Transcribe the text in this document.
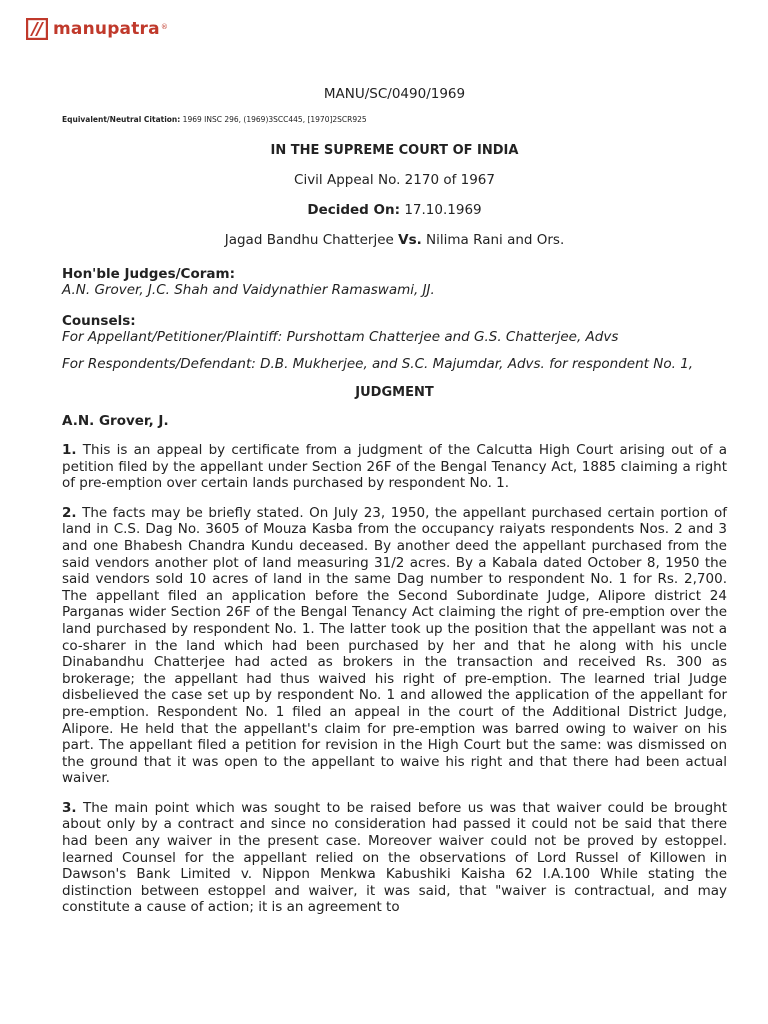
manupatra ®
MANU/SC/0490/1969
Equivalent/Neutral Citation: 1969 INSC 296, (1969)3SCC445, [1970]2SCR925
IN THE SUPREME COURT OF INDIA
Civil Appeal No. 2170 of 1967
Decided On: 17.10.1969
Jagad Bandhu Chatterjee Vs. Nilima Rani and Ors.
Hon'ble Judges/Coram:
A.N. Grover, J.C. Shah and Vaidynathier Ramaswami, JJ.
Counsels:
For Appellant/Petitioner/Plaintiff: Purshottam Chatterjee and G.S. Chatterjee, Advs
For Respondents/Defendant: D.B. Mukherjee, and S.C. Majumdar, Advs. for respondent No. 1,
JUDGMENT
A.N. Grover, J.

1. This is an appeal by certificate from a judgment of the Calcutta High Court arising out of a petition filed by the appellant under Section 26F of the Bengal Tenancy Act, 1885 claiming a right of pre-emption over certain lands purchased by respondent No. 1.

2. The facts may be briefly stated. On July 23, 1950, the appellant purchased certain portion of land in C.S. Dag No. 3605 of Mouza Kasba from the occupancy raiyats respondents Nos. 2 and 3 and one Bhabesh Chandra Kundu deceased. By another deed the appellant purchased from the said vendors another plot of land measuring 31/2 acres. By a Kabala dated October 8, 1950 the said vendors sold 10 acres of land in the same Dag number to respondent No. 1 for Rs. 2,700. The appellant filed an application before the Second Subordinate Judge, Alipore district 24 Parganas wider Section 26F of the Bengal Tenancy Act claiming the right of pre-emption over the land purchased by respondent No. 1. The latter took up the position that the appellant was not a co-sharer in the land which had been purchased by her and that he along with his uncle Dinabandhu Chatterjee had acted as brokers in the transaction and received Rs. 300 as brokerage; the appellant had thus waived his right of pre-emption. The learned trial Judge disbelieved the case set up by respondent No. 1 and allowed the application of the appellant for pre-emption. Respondent No. 1 filed an appeal in the court of the Additional District Judge, Alipore. He held that the appellant's claim for pre-emption was barred owing to waiver on his part. The appellant filed a petition for revision in the High Court but the same: was dismissed on the ground that it was open to the appellant to waive his right and that there had been actual waiver.

3. The main point which was sought to be raised before us was that waiver could be brought about only by a contract and since no consideration had passed it could not be said that there had been any waiver in the present case. Moreover waiver could not be proved by estoppel. learned Counsel for the appellant relied on the observations of Lord Russel of Killowen in Dawson's Bank Limited v. Nippon Menkwa Kabushiki Kaisha 62 I.A.100 While stating the distinction between estoppel and waiver, it was said, that "waiver is contractual, and may constitute a cause of action; it is an agreement to
